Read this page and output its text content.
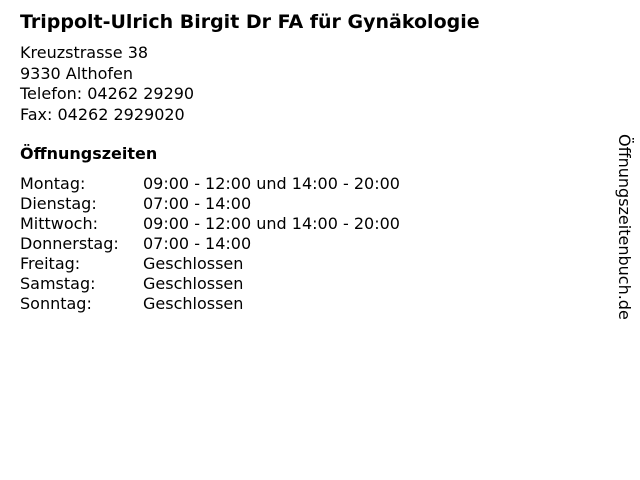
Trippolt-Ulrich Birgit Dr FA für Gynäkologie
Kreuzstrasse 38
9330 Althofen
Telefon: 04262 29290
Fax: 04262 2929020
Öffnungszeiten
Montag:	09:00 - 12:00 und 14:00 - 20:00
Dienstag:	07:00 - 14:00
Mittwoch:	09:00 - 12:00 und 14:00 - 20:00
Donnerstag:	07:00 - 14:00
Freitag:	Geschlossen
Samstag:	Geschlossen
Sonntag:	Geschlossen	Öffnungszeitenbuch.de
